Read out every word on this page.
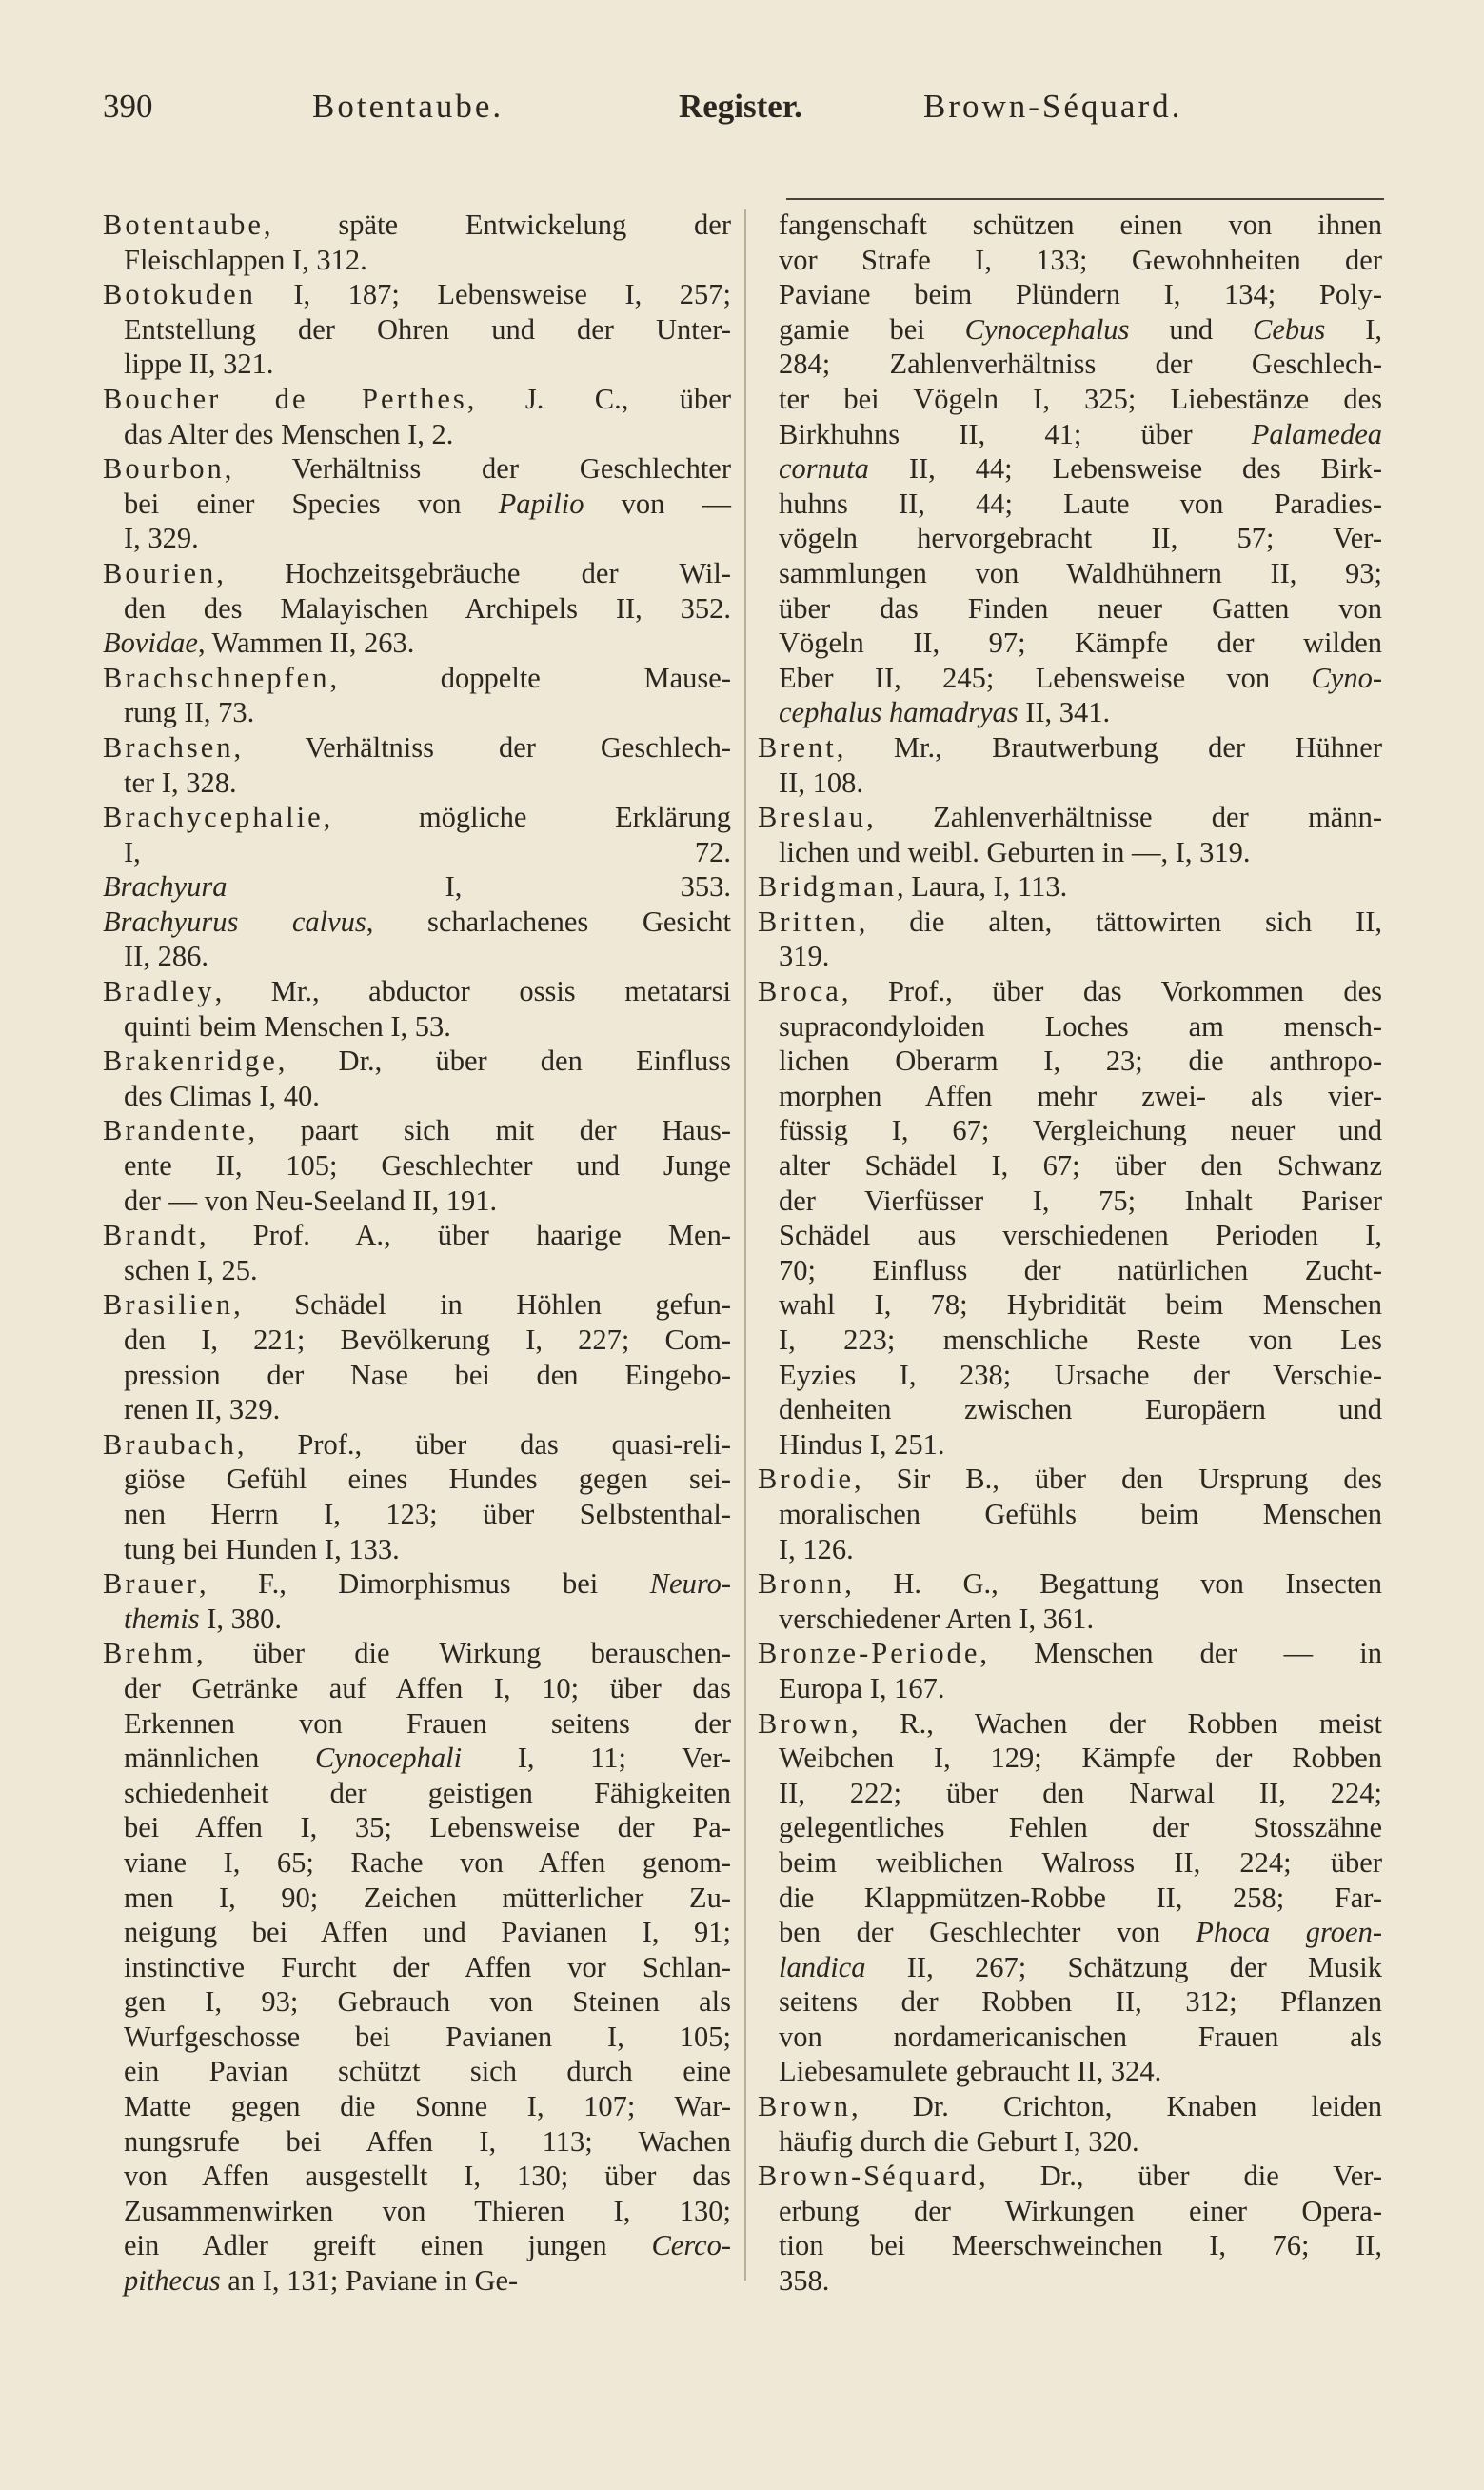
390	Botentaube.	Register.	Brown-Séquard.
Botentaube, späte Entwickelung der
Fleischlappen I, 312.
Botokuden I, 187; Lebensweise I, 257;
Entstellung der Ohren und der Unter-
lippe II, 321.
Boucher de Perthes, J. C., über
das Alter des Menschen I, 2.
Bourbon, Verhältniss der Geschlechter
bei einer Species von Papilio von —
I, 329.
Bourien, Hochzeitsgebräuche der Wil-
den des Malayischen Archipels II, 352.
Bovidae, Wammen II, 263.
Brachschnepfen, doppelte Mause-
rung II, 73.
Brachsen, Verhältniss der Geschlech-
ter I, 328.
Brachycephalie, mögliche Erklärung
I, 72.
Brachyura I, 353.
Brachyurus calvus, scharlachenes Gesicht
II, 286.
Bradley, Mr., abductor ossis metatarsi
quinti beim Menschen I, 53.
Brakenridge, Dr., über den Einfluss
des Climas I, 40.
Brandente, paart sich mit der Haus-
ente II, 105; Geschlechter und Junge
der — von Neu-Seeland II, 191.
Brandt, Prof. A., über haarige Men-
schen I, 25.
Brasilien, Schädel in Höhlen gefun-
den I, 221; Bevölkerung I, 227; Com-
pression der Nase bei den Eingebo-
renen II, 329.
Braubach, Prof., über das quasi-reli-
giöse Gefühl eines Hundes gegen sei-
nen Herrn I, 123; über Selbstenthal-
tung bei Hunden I, 133.
Brauer, F., Dimorphismus bei Neuro-
themis I, 380.
Brehm, über die Wirkung berauschen-
der Getränke auf Affen I, 10; über das
Erkennen von Frauen seitens der
männlichen Cynocephali I, 11; Ver-
schiedenheit der geistigen Fähigkeiten
bei Affen I, 35; Lebensweise der Pa-
viane I, 65; Rache von Affen genom-
men I, 90; Zeichen mütterlicher Zu-
neigung bei Affen und Pavianen I, 91;
instinctive Furcht der Affen vor Schlan-
gen I, 93; Gebrauch von Steinen als
Wurfgeschosse bei Pavianen I, 105;
ein Pavian schützt sich durch eine
Matte gegen die Sonne I, 107; War-
nungsrufe bei Affen I, 113; Wachen
von Affen ausgestellt I, 130; über das
Zusammenwirken von Thieren I, 130;
ein Adler greift einen jungen Cerco-
pithecus an I, 131; Paviane in Ge-
fangenschaft schützen einen von ihnen
vor Strafe I, 133; Gewohnheiten der
Paviane beim Plündern I, 134; Poly-
gamie bei Cynocephalus und Cebus I,
284; Zahlenverhältniss der Geschlech-
ter bei Vögeln I, 325; Liebestänze des
Birkhuhns II, 41; über Palamedea
cornuta II, 44; Lebensweise des Birk-
huhns II, 44; Laute von Paradies-
vögeln hervorgebracht II, 57; Ver-
sammlungen von Waldhühnern II, 93;
über das Finden neuer Gatten von
Vögeln II, 97; Kämpfe der wilden
Eber II, 245; Lebensweise von Cyno-
cephalus hamadryas II, 341.
Brent, Mr., Brautwerbung der Hühner
II, 108.
Breslau, Zahlenverhältnisse der männ-
lichen und weibl. Geburten in —, I, 319.
Bridgman, Laura, I, 113.
Britten, die alten, tättowirten sich II,
319.
Broca, Prof., über das Vorkommen des
supracondyloiden Loches am mensch-
lichen Oberarm I, 23; die anthropo-
morphen Affen mehr zwei- als vier-
füssig I, 67; Vergleichung neuer und
alter Schädel I, 67; über den Schwanz
der Vierfüsser I, 75; Inhalt Pariser
Schädel aus verschiedenen Perioden I,
70; Einfluss der natürlichen Zucht-
wahl I, 78; Hybridität beim Menschen
I, 223; menschliche Reste von Les
Eyzies I, 238; Ursache der Verschie-
denheiten zwischen Europäern und
Hindus I, 251.
Brodie, Sir B., über den Ursprung des
moralischen Gefühls beim Menschen
I, 126.
Bronn, H. G., Begattung von Insecten
verschiedener Arten I, 361.
Bronze-Periode, Menschen der — in
Europa I, 167.
Brown, R., Wachen der Robben meist
Weibchen I, 129; Kämpfe der Robben
II, 222; über den Narwal II, 224;
gelegentliches Fehlen der Stosszähne
beim weiblichen Walross II, 224; über
die Klappmützen-Robbe II, 258; Far-
ben der Geschlechter von Phoca groen-
landica II, 267; Schätzung der Musik
seitens der Robben II, 312; Pflanzen
von nordamericanischen Frauen als
Liebesamulete gebraucht II, 324.
Brown, Dr. Crichton, Knaben leiden
häufig durch die Geburt I, 320.
Brown-Séquard, Dr., über die Ver-
erbung der Wirkungen einer Opera-
tion bei Meerschweinchen I, 76; II,
358.
